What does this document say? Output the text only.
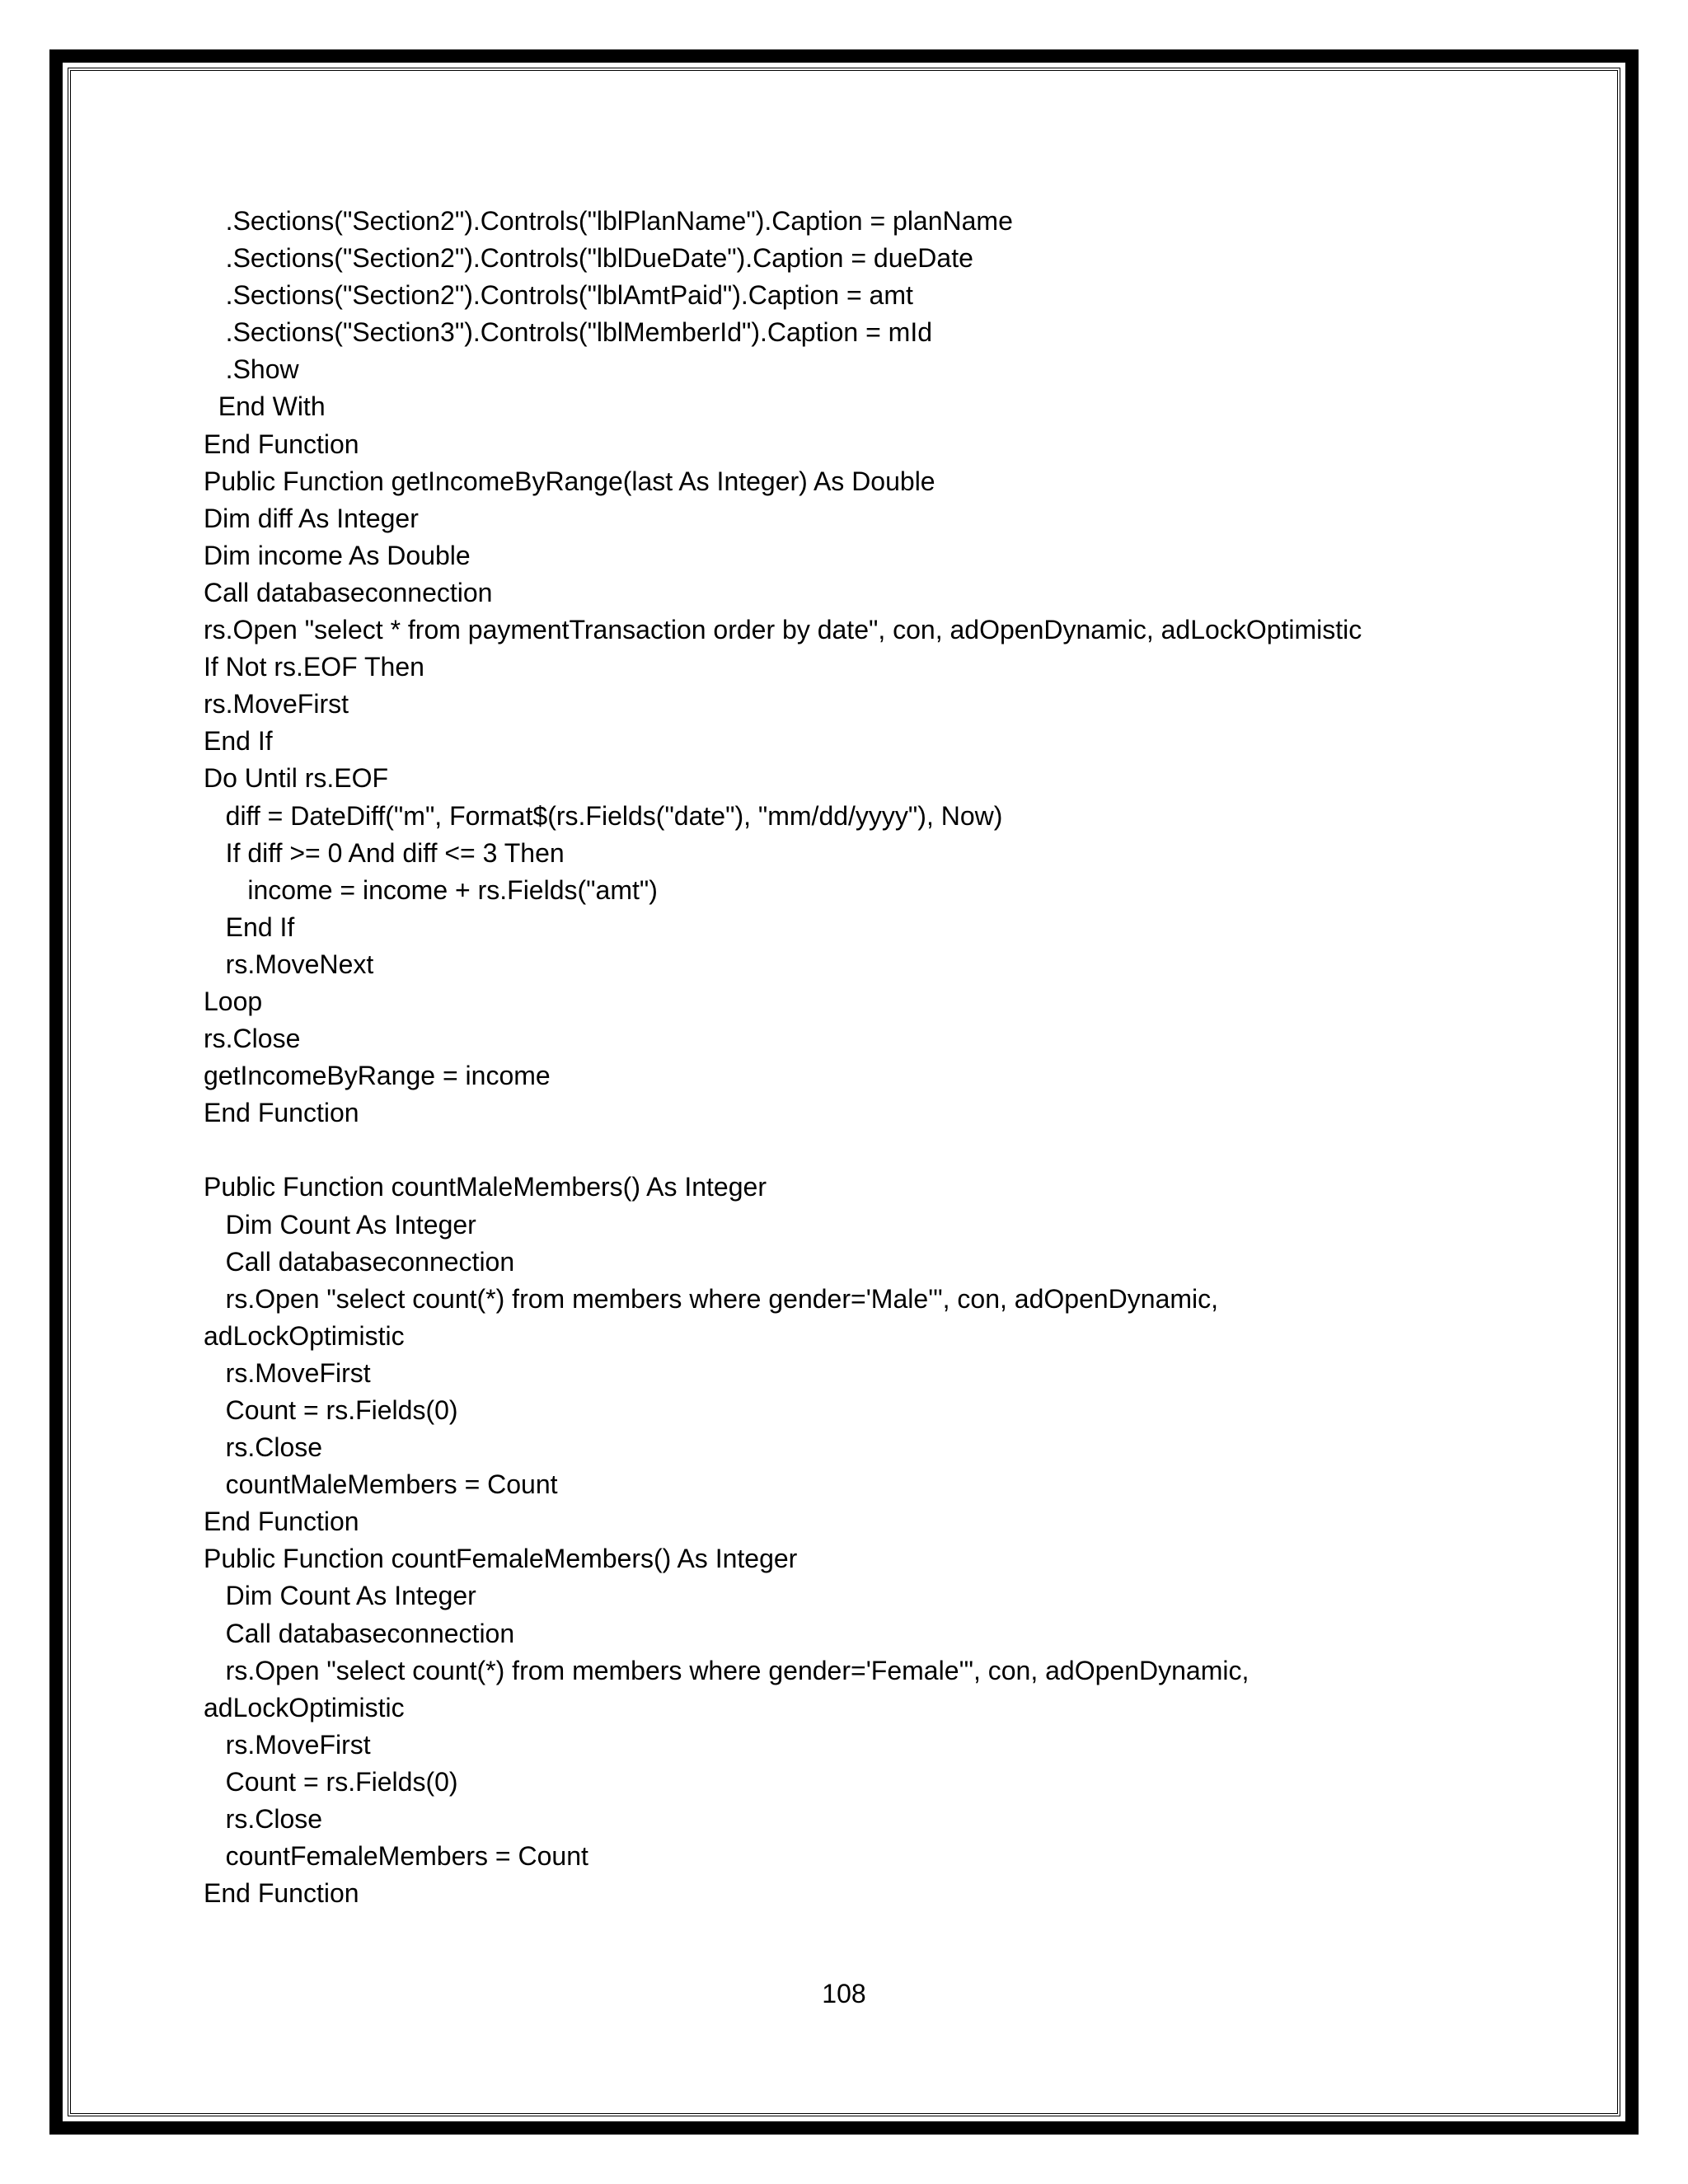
.Sections("Section2").Controls("lblPlanName").Caption = planName
.Sections("Section2").Controls("lblDueDate").Caption = dueDate
.Sections("Section2").Controls("lblAmtPaid").Caption = amt
.Sections("Section3").Controls("lblMemberId").Caption = mId
.Show
End With
End Function
Public Function getIncomeByRange(last As Integer) As Double
Dim diff As Integer
Dim income As Double
Call databaseconnection
rs.Open "select * from paymentTransaction order by date", con, adOpenDynamic, adLockOptimistic
If Not rs.EOF Then
rs.MoveFirst
End If
Do Until rs.EOF
diff = DateDiff("m", Format$(rs.Fields("date"), "mm/dd/yyyy"), Now)
If diff >= 0 And diff <= 3 Then
income = income + rs.Fields("amt")
End If
rs.MoveNext
Loop
rs.Close
getIncomeByRange = income
End Function
Public Function countMaleMembers() As Integer
Dim Count As Integer
Call databaseconnection
rs.Open "select count(*) from members where gender='Male'", con, adOpenDynamic,
adLockOptimistic
rs.MoveFirst
Count = rs.Fields(0)
rs.Close
countMaleMembers = Count
End Function
Public Function countFemaleMembers() As Integer
Dim Count As Integer
Call databaseconnection
rs.Open "select count(*) from members where gender='Female'", con, adOpenDynamic,
adLockOptimistic
rs.MoveFirst
Count = rs.Fields(0)
rs.Close
countFemaleMembers = Count
End Function
108
